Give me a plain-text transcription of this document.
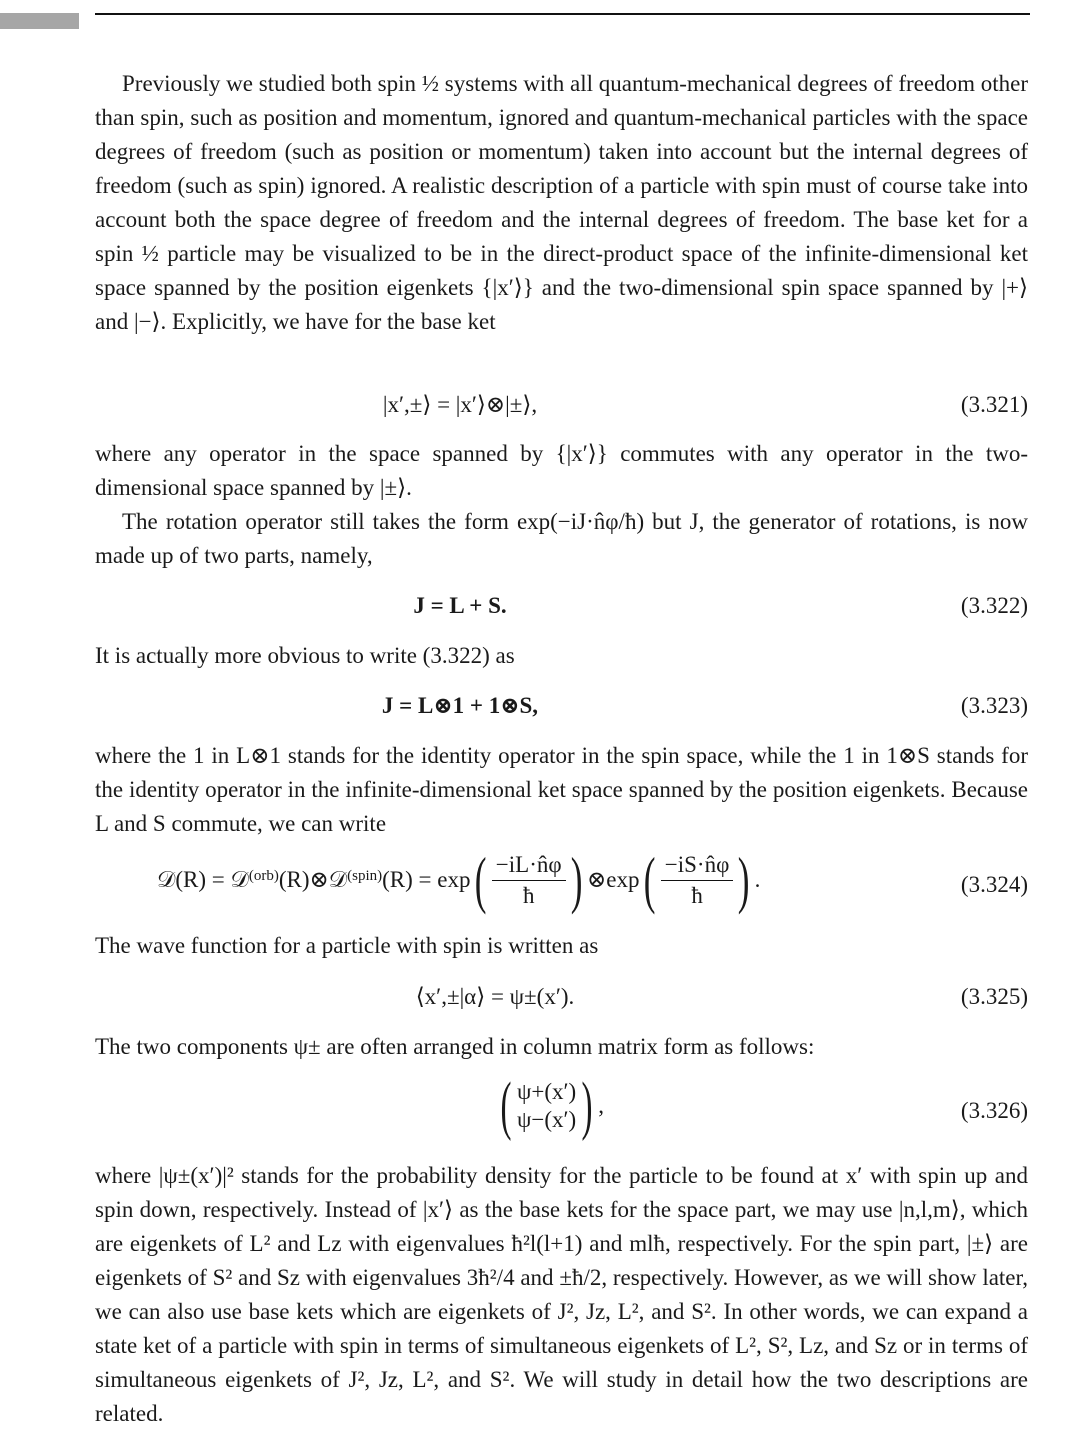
Previously we studied both spin ½ systems with all quantum-mechanical degrees of freedom other than spin, such as position and momentum, ignored and quantum-mechanical particles with the space degrees of freedom (such as position or momentum) taken into account but the internal degrees of freedom (such as spin) ignored. A realistic description of a particle with spin must of course take into account both the space degree of freedom and the internal degrees of freedom. The base ket for a spin ½ particle may be visualized to be in the direct-product space of the infinite-dimensional ket space spanned by the position eigenkets {|x′⟩} and the two-dimensional spin space spanned by |+⟩ and |−⟩. Explicitly, we have for the base ket
|x′,±⟩ = |x′⟩⊗|±⟩,	(3.321)
where any operator in the space spanned by {|x′⟩} commutes with any operator in the two-dimensional space spanned by |±⟩.
The rotation operator still takes the form exp(−iJ·n̂φ/ħ) but J, the generator of rotations, is now made up of two parts, namely,
J = L + S.	(3.322)
It is actually more obvious to write (3.322) as
J = L⊗1 + 1⊗S,	(3.323)
where the 1 in L⊗1 stands for the identity operator in the spin space, while the 1 in 1⊗S stands for the identity operator in the infinite-dimensional ket space spanned by the position eigenkets. Because L and S commute, we can write
𝒟(R) = 𝒟$^{(orb)}$ (R)⊗𝒟$^{(spin)}$ (R) = exp ( $\frac{-iL\cdot n̂\varphi}{ħ}$ ) ⊗exp ( $\frac{-iS\cdot n̂\varphi}{ħ}$ ) .	(3.324)
The wave function for a particle with spin is written as
⟨x′,±|α⟩ = ψ±(x′).	(3.325)
The two components ψ± are often arranged in column matrix form as follows:
( ψ+(x′)
ψ−(x′) ) ,	(3.326)
where |ψ±(x′)|² stands for the probability density for the particle to be found at x′ with spin up and spin down, respectively. Instead of |x′⟩ as the base kets for the space part, we may use |n,l,m⟩, which are eigenkets of L² and Lz with eigenvalues ħ²l(l+1) and mlħ, respectively. For the spin part, |±⟩ are eigenkets of S² and Sz with eigenvalues 3ħ²/4 and ±ħ/2, respectively. However, as we will show later, we can also use base kets which are eigenkets of J², Jz, L², and S². In other words, we can expand a state ket of a particle with spin in terms of simultaneous eigenkets of L², S², Lz, and Sz or in terms of simultaneous eigenkets of J², Jz, L², and S². We will study in detail how the two descriptions are related.
